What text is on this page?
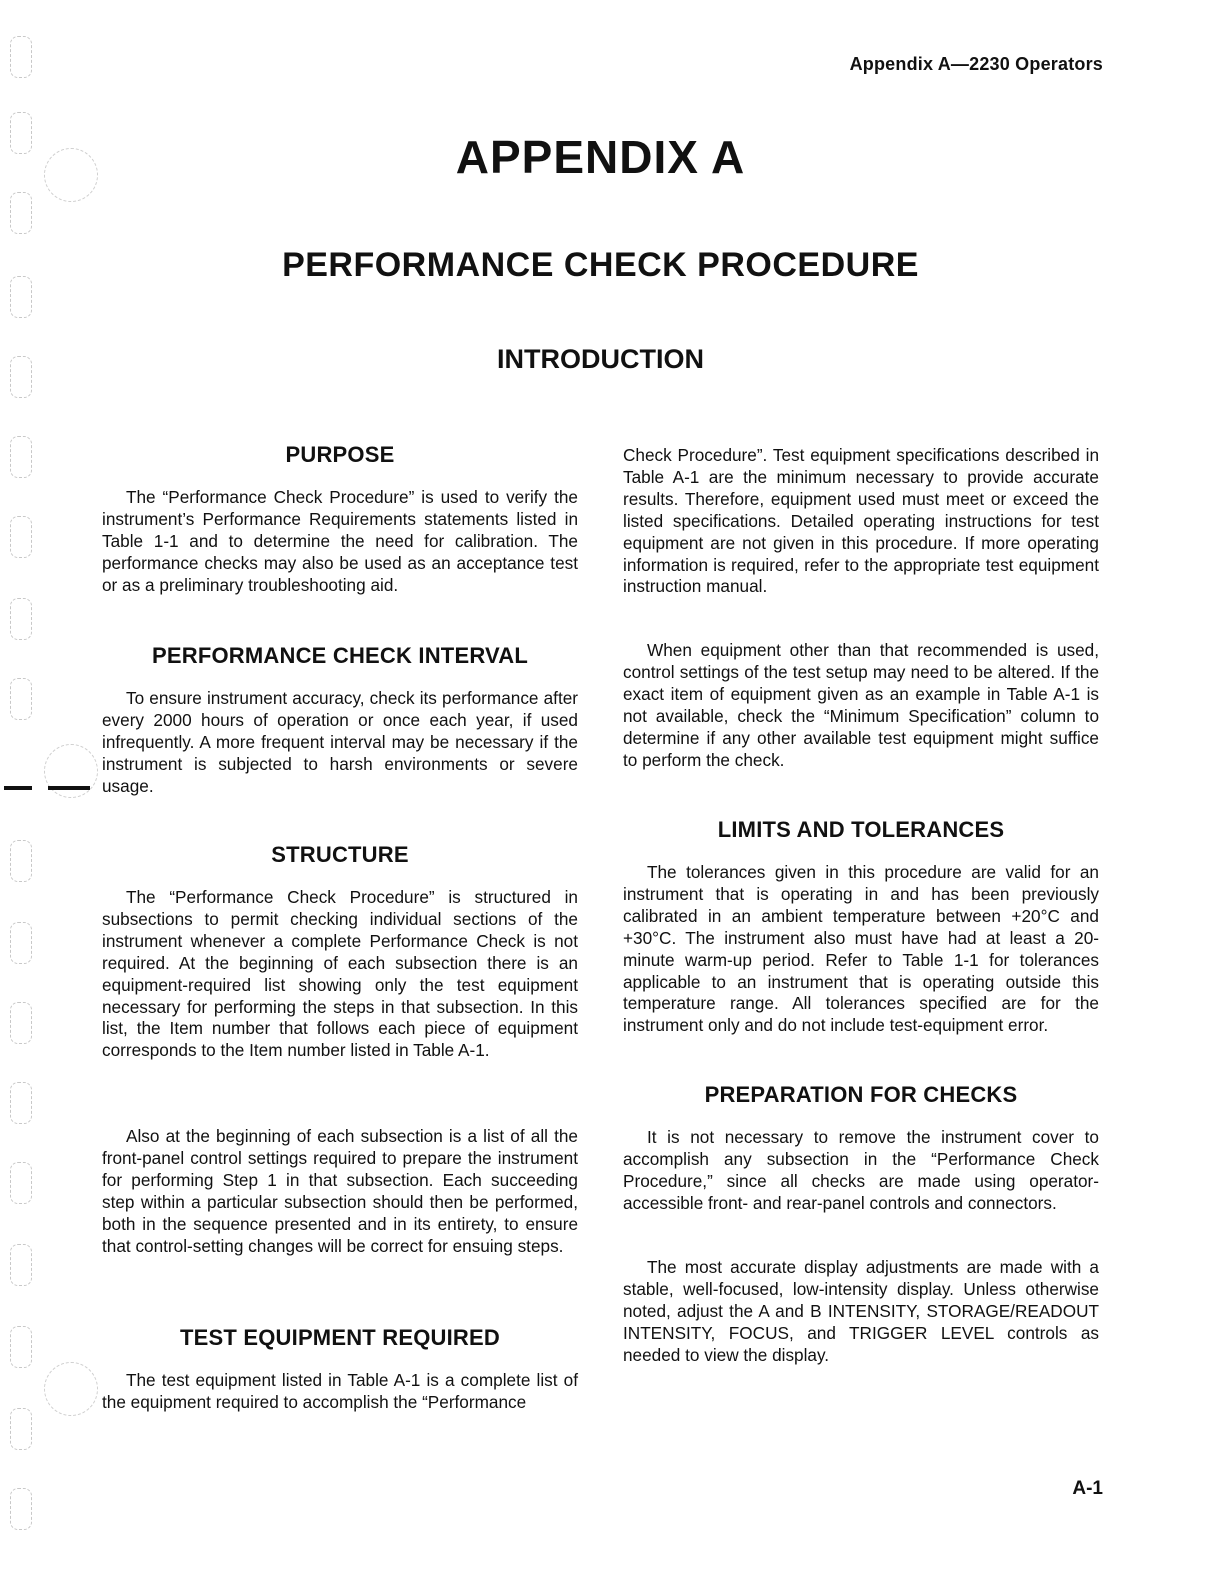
Appendix A—2230 Operators
APPENDIX A
PERFORMANCE CHECK PROCEDURE
INTRODUCTION
PURPOSE

The “Performance Check Procedure” is used to verify the instrument’s Performance Requirements statements listed in Table 1-1 and to determine the need for calibration. The performance checks may also be used as an acceptance test or as a preliminary troubleshooting aid.

PERFORMANCE CHECK INTERVAL

To ensure instrument accuracy, check its performance after every 2000 hours of operation or once each year, if used infrequently. A more frequent interval may be necessary if the instrument is subjected to harsh environments or severe usage.

STRUCTURE

The “Performance Check Procedure” is structured in subsections to permit checking individual sections of the instrument whenever a complete Performance Check is not required. At the beginning of each subsection there is an equipment-required list showing only the test equipment necessary for performing the steps in that subsection. In this list, the Item number that follows each piece of equipment corresponds to the Item number listed in Table A-1.

Also at the beginning of each subsection is a list of all the front-panel control settings required to prepare the instrument for performing Step 1 in that subsection. Each succeeding step within a particular subsection should then be performed, both in the sequence presented and in its entirety, to ensure that control-setting changes will be correct for ensuing steps.

TEST EQUIPMENT REQUIRED

The test equipment listed in Table A-1 is a complete list of the equipment required to accomplish the “Performance

Check Procedure”. Test equipment specifications described in Table A-1 are the minimum necessary to provide accurate results. Therefore, equipment used must meet or exceed the listed specifications. Detailed operating instructions for test equipment are not given in this procedure. If more operating information is required, refer to the appropriate test equipment instruction manual.

When equipment other than that recommended is used, control settings of the test setup may need to be altered. If the exact item of equipment given as an example in Table A-1 is not available, check the “Minimum Specification” column to determine if any other available test equipment might suffice to perform the check.

LIMITS AND TOLERANCES

The tolerances given in this procedure are valid for an instrument that is operating in and has been previously calibrated in an ambient temperature between +20°C and +30°C. The instrument also must have had at least a 20-minute warm-up period. Refer to Table 1-1 for tolerances applicable to an instrument that is operating outside this temperature range. All tolerances specified are for the instrument only and do not include test-equipment error.

PREPARATION FOR CHECKS

It is not necessary to remove the instrument cover to accomplish any subsection in the “Performance Check Procedure,” since all checks are made using operator-accessible front- and rear-panel controls and connectors.

The most accurate display adjustments are made with a stable, well-focused, low-intensity display. Unless otherwise noted, adjust the A and B INTENSITY, STORAGE/READOUT INTENSITY, FOCUS, and TRIGGER LEVEL controls as needed to view the display.

A-1
